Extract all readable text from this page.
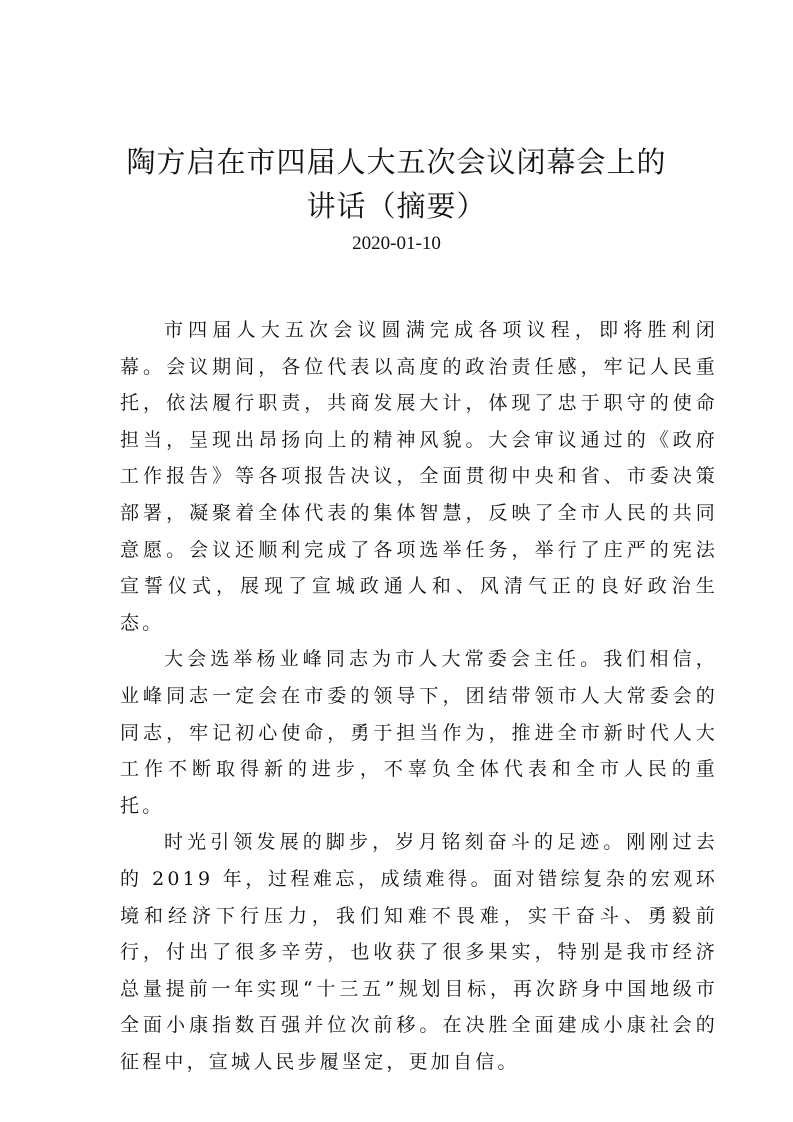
陶方启在市四届人大五次会议闭幕会上的
讲话（摘要）
2020-01-10

市四届人大五次会议圆满完成各项议程，即将胜利闭幕。会议期间，各位代表以高度的政治责任感，牢记人民重托，依法履行职责，共商发展大计，体现了忠于职守的使命担当，呈现出昂扬向上的精神风貌。大会审议通过的《政府工作报告》等各项报告决议，全面贯彻中央和省、市委决策部署，凝聚着全体代表的集体智慧，反映了全市人民的共同意愿。会议还顺利完成了各项选举任务，举行了庄严的宪法宣誓仪式，展现了宣城政通人和、风清气正的良好政治生态。

大会选举杨业峰同志为市人大常委会主任。我们相信，业峰同志一定会在市委的领导下，团结带领市人大常委会的同志，牢记初心使命，勇于担当作为，推进全市新时代人大工作不断取得新的进步，不辜负全体代表和全市人民的重托。

时光引领发展的脚步，岁月铭刻奋斗的足迹。刚刚过去的 2019 年，过程难忘，成绩难得。面对错综复杂的宏观环境和经济下行压力，我们知难不畏难，实干奋斗、勇毅前行，付出了很多辛劳，也收获了很多果实，特别是我市经济总量提前一年实现“十三五”规划目标，再次跻身中国地级市全面小康指数百强并位次前移。在决胜全面建成小康社会的征程中，宣城人民步履坚定，更加自信。
